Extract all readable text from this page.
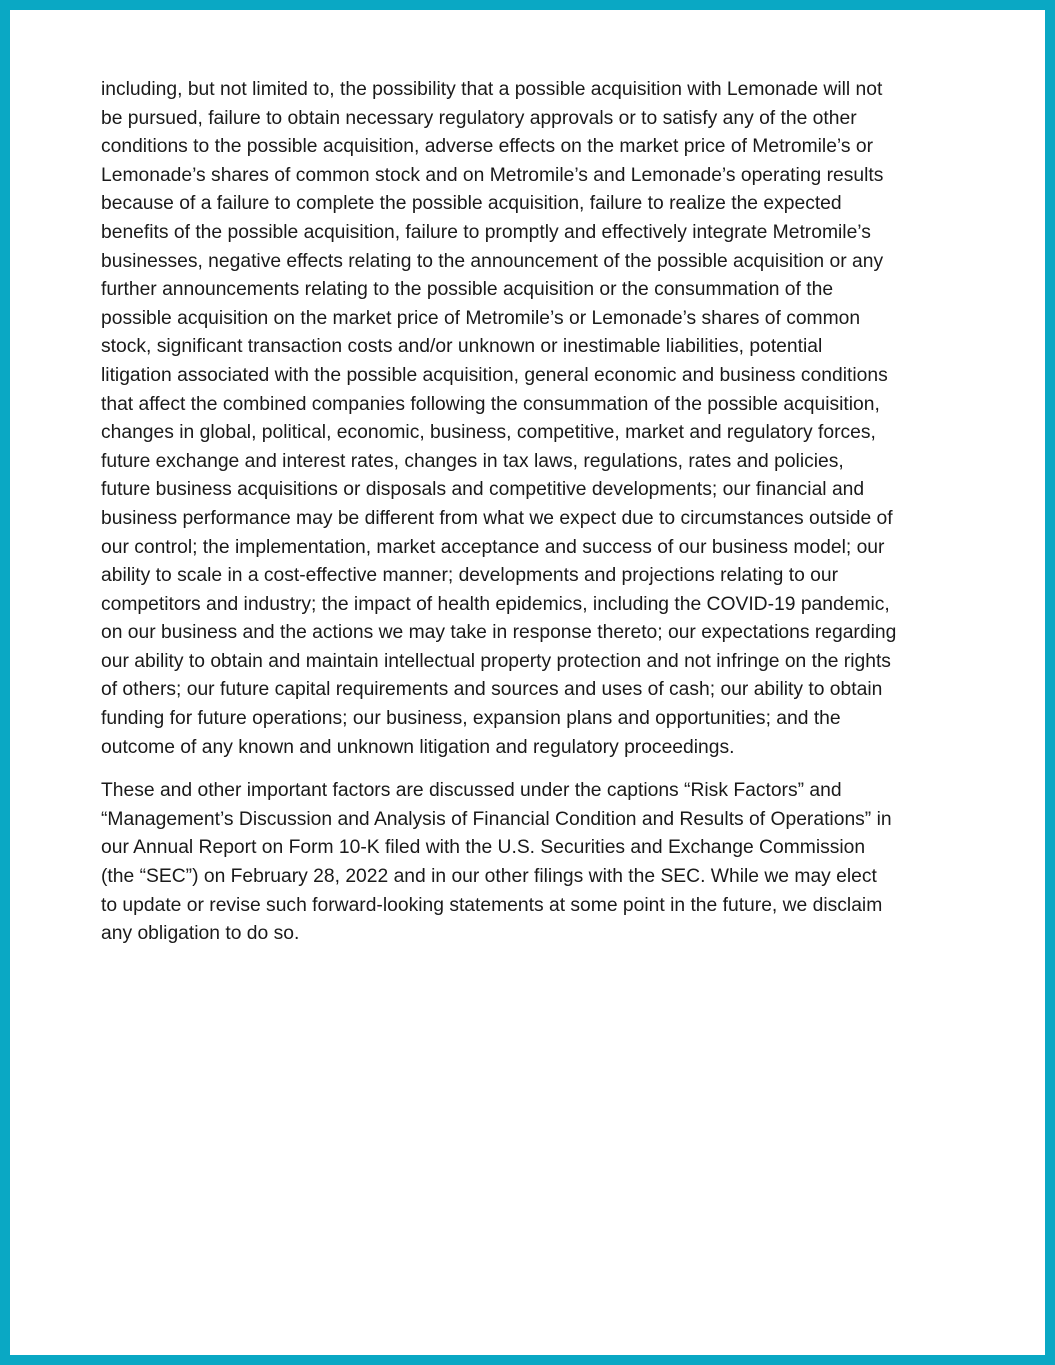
including, but not limited to, the possibility that a possible acquisition with Lemonade will not
be pursued, failure to obtain necessary regulatory approvals or to satisfy any of the other
conditions to the possible acquisition, adverse effects on the market price of Metromile’s or
Lemonade’s shares of common stock and on Metromile’s and Lemonade’s operating results
because of a failure to complete the possible acquisition, failure to realize the expected
benefits of the possible acquisition, failure to promptly and effectively integrate Metromile’s
businesses, negative effects relating to the announcement of the possible acquisition or any
further announcements relating to the possible acquisition or the consummation of the
possible acquisition on the market price of Metromile’s or Lemonade’s shares of common
stock, significant transaction costs and/or unknown or inestimable liabilities, potential
litigation associated with the possible acquisition, general economic and business conditions
that affect the combined companies following the consummation of the possible acquisition,
changes in global, political, economic, business, competitive, market and regulatory forces,
future exchange and interest rates, changes in tax laws, regulations, rates and policies,
future business acquisitions or disposals and competitive developments; our financial and
business performance may be different from what we expect due to circumstances outside of
our control; the implementation, market acceptance and success of our business model; our
ability to scale in a cost-effective manner; developments and projections relating to our
competitors and industry; the impact of health epidemics, including the COVID-19 pandemic,
on our business and the actions we may take in response thereto; our expectations regarding
our ability to obtain and maintain intellectual property protection and not infringe on the rights
of others; our future capital requirements and sources and uses of cash; our ability to obtain
funding for future operations; our business, expansion plans and opportunities; and the
outcome of any known and unknown litigation and regulatory proceedings.

These and other important factors are discussed under the captions “Risk Factors” and
“Management’s Discussion and Analysis of Financial Condition and Results of Operations” in
our Annual Report on Form 10-K filed with the U.S. Securities and Exchange Commission
(the “SEC”) on February 28, 2022 and in our other filings with the SEC. While we may elect
to update or revise such forward-looking statements at some point in the future, we disclaim
any obligation to do so.
